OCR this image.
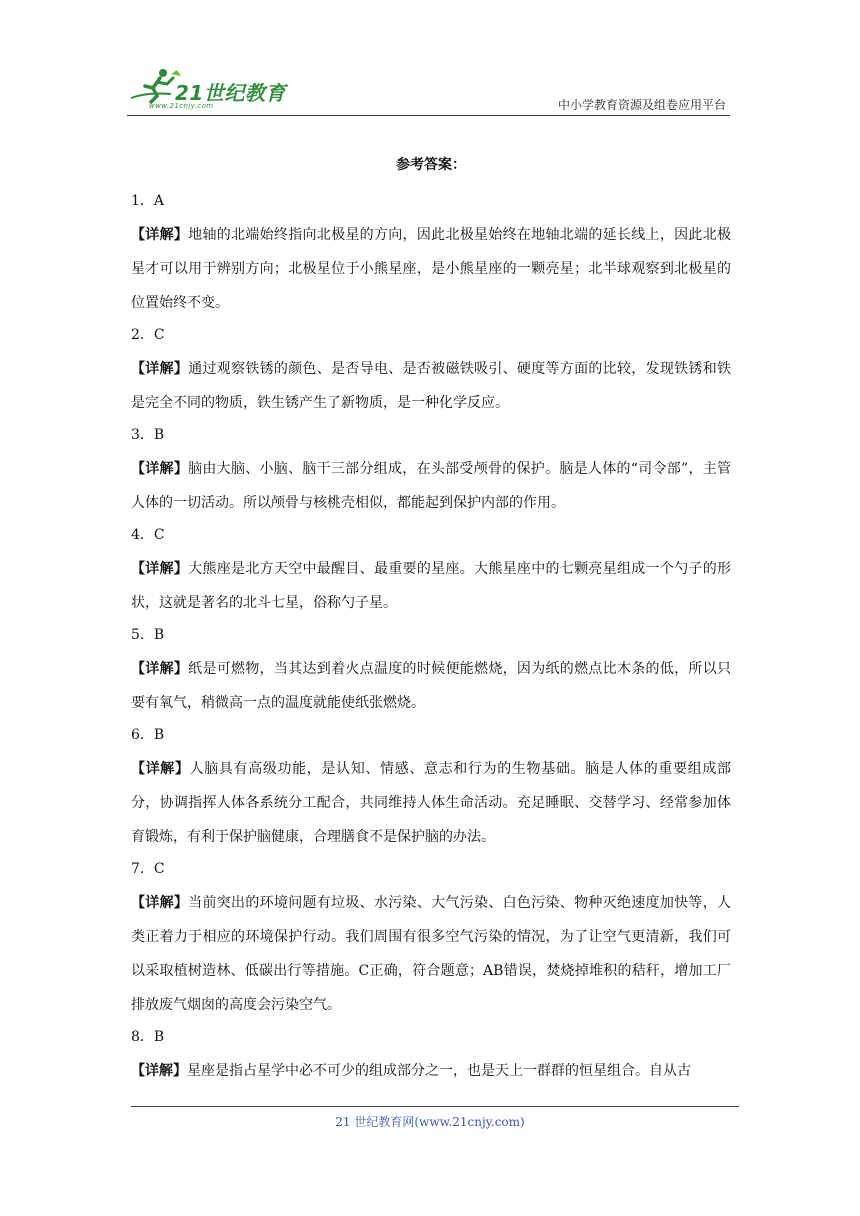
21世纪教育
www.21cnjy.com	中小学教育资源及组卷应用平台
参考答案：
1．A
【详解】地轴的北端始终指向北极星的方向，因此北极星始终在地轴北端的延长线上，因此北极星才可以用于辨别方向；北极星位于小熊星座，是小熊星座的一颗亮星；北半球观察到北极星的位置始终不变。
2．C
【详解】通过观察铁锈的颜色、是否导电、是否被磁铁吸引、硬度等方面的比较，发现铁锈和铁是完全不同的物质，铁生锈产生了新物质，是一种化学反应。
3．B
【详解】脑由大脑、小脑、脑干三部分组成，在头部受颅骨的保护。脑是人体的“司令部”，主管人体的一切活动。所以颅骨与核桃壳相似，都能起到保护内部的作用。
4．C
【详解】大熊座是北方天空中最醒目、最重要的星座。大熊星座中的七颗亮星组成一个勺子的形状，这就是著名的北斗七星，俗称勺子星。
5．B
【详解】纸是可燃物，当其达到着火点温度的时候便能燃烧，因为纸的燃点比木条的低，所以只要有氧气，稍微高一点的温度就能使纸张燃烧。
6．B
【详解】人脑具有高级功能，是认知、情感、意志和行为的生物基础。脑是人体的重要组成部分，协调指挥人体各系统分工配合，共同维持人体生命活动。充足睡眠、交替学习、经常参加体育锻炼，有利于保护脑健康，合理膳食不是保护脑的办法。
7．C
【详解】当前突出的环境问题有垃圾、水污染、大气污染、白色污染、物种灭绝速度加快等，人类正着力于相应的环境保护行动。我们周围有很多空气污染的情况，为了让空气更清新，我们可以采取植树造林、低碳出行等措施。C正确，符合题意；AB错误，焚烧掉堆积的秸秆，增加工厂排放废气烟囱的高度会污染空气。
8．B
【详解】星座是指占星学中必不可少的组成部分之一，也是天上一群群的恒星组合。自从古
21 世纪教育网(www.21cnjy.com)
